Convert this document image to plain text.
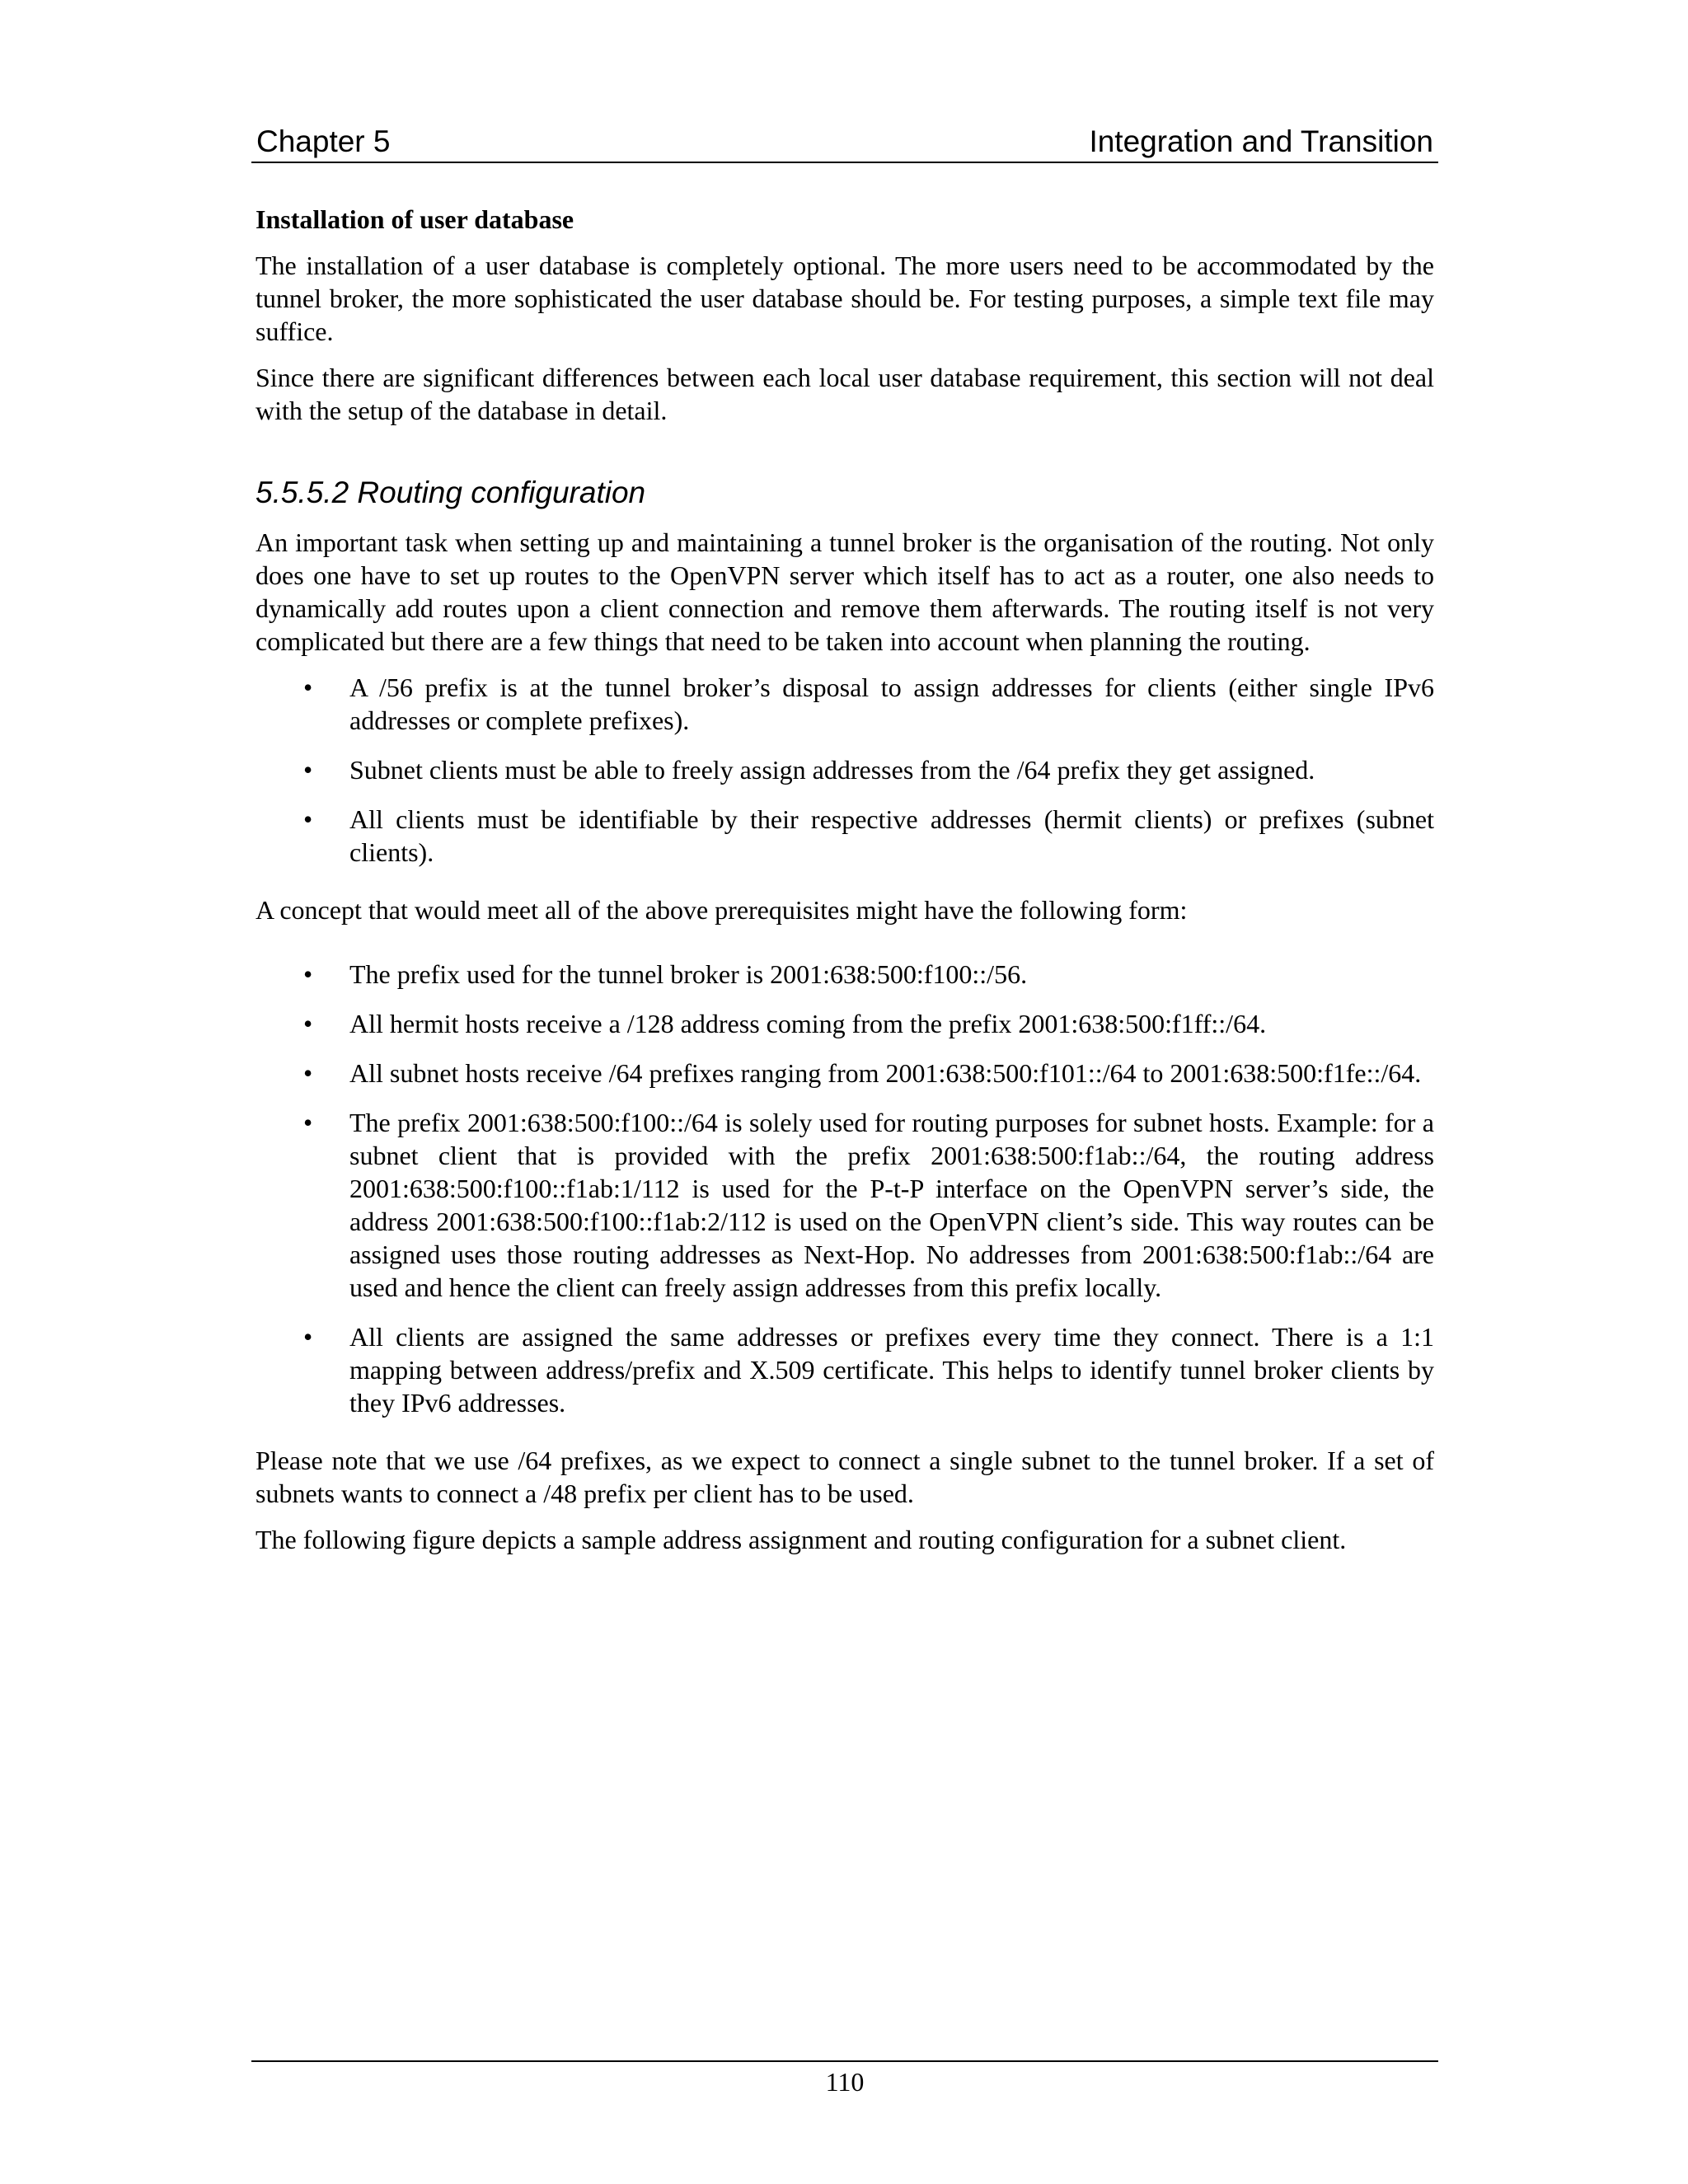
Chapter 5	Integration and Transition
Installation of user database

The installation of a user database is completely optional. The more users need to be accommodated by the tunnel broker, the more sophisticated the user database should be. For testing purposes, a simple text file may suffice.

Since there are significant differences between each local user database requirement, this section will not deal with the setup of the database in detail.

5.5.5.2 Routing configuration

An important task when setting up and maintaining a tunnel broker is the organisation of the routing. Not only does one have to set up routes to the OpenVPN server which itself has to act as a router, one also needs to dynamically add routes upon a client connection and remove them afterwards. The routing itself is not very complicated but there are a few things that need to be taken into account when planning the routing.

• A /56 prefix is at the tunnel broker’s disposal to assign addresses for clients (either single IPv6 addresses or complete prefixes).
• Subnet clients must be able to freely assign addresses from the /64 prefix they get assigned.
• All clients must be identifiable by their respective addresses (hermit clients) or prefixes (subnet clients).

A concept that would meet all of the above prerequisites might have the following form:

• The prefix used for the tunnel broker is 2001:638:500:f100::/56.
• All hermit hosts receive a /128 address coming from the prefix 2001:638:500:f1ff::/64.
• All subnet hosts receive /64 prefixes ranging from 2001:638:500:f101::/64 to 2001:638:500:f1fe::/64.
• The prefix 2001:638:500:f100::/64 is solely used for routing purposes for subnet hosts. Example: for a subnet client that is provided with the prefix 2001:638:500:f1ab::/64, the routing address 2001:638:500:f100::f1ab:1/112 is used for the P-t-P interface on the OpenVPN server’s side, the address 2001:638:500:f100::f1ab:2/112 is used on the OpenVPN client’s side. This way routes can be assigned uses those routing addresses as Next-Hop. No addresses from 2001:638:500:f1ab::/64 are used and hence the client can freely assign addresses from this prefix locally.
• All clients are assigned the same addresses or prefixes every time they connect. There is a 1:1 mapping between address/prefix and X.509 certificate. This helps to identify tunnel broker clients by they IPv6 addresses.

Please note that we use /64 prefixes, as we expect to connect a single subnet to the tunnel broker. If a set of subnets wants to connect a /48 prefix per client has to be used.

The following figure depicts a sample address assignment and routing configuration for a subnet client.

110
